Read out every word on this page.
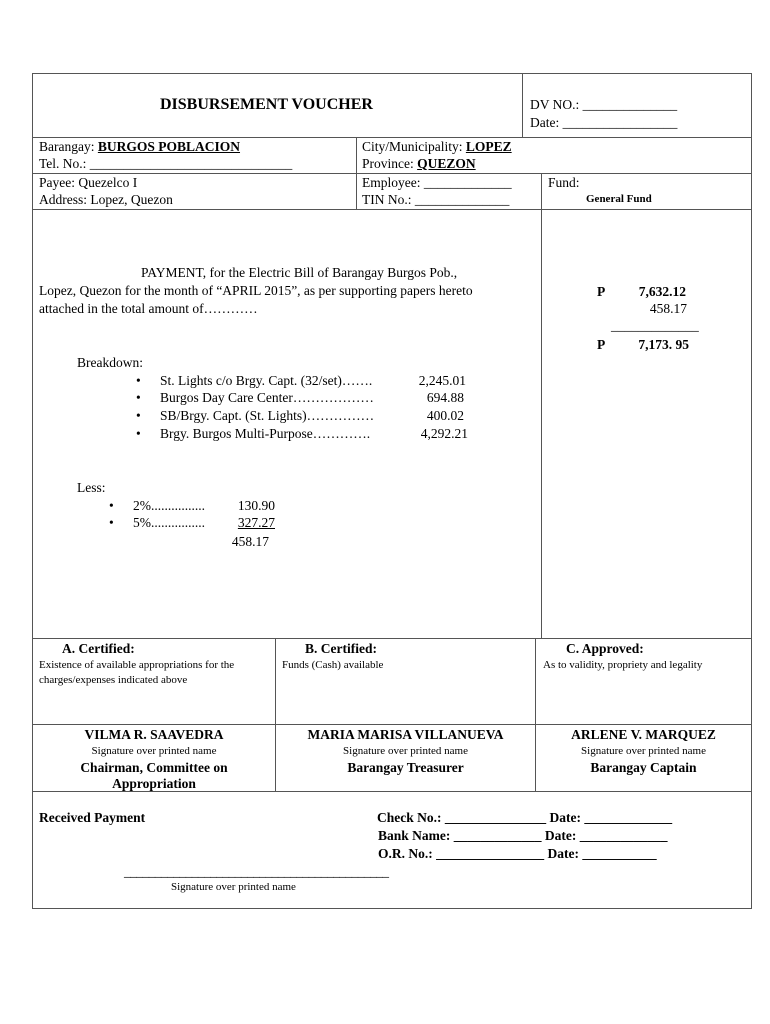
DISBURSEMENT VOUCHER	DV NO.: ______________
Date: _________________
Barangay: BURGOS POBLACION
Tel. No.: ______________________________
City/Municipality: LOPEZ
Province: QUEZON
Payee: Quezelco I
Address: Lopez, Quezon
Employee: _____________
TIN No.: ______________
Fund:
General Fund
PAYMENT, for the Electric Bill of Barangay Burgos Pob.,
Lopez, Quezon for the month of “APRIL 2015”, as per supporting papers hereto
attached in the total amount of…………
Breakdown:
• St. Lights c/o Brgy. Capt. (32/set)…….	2,245.01
• Burgos Day Care Center………………	694.88
• SB/Brgy. Capt. (St. Lights)……………	400.02
• Brgy. Burgos Multi-Purpose………….	4,292.21
Less:
• 2%................	130.90
• 5%................	327.27
458.17
P	7,632.12
458.17
_____________
P	7,173. 95
A. Certified:
Existence of available appropriations for the
charges/expenses indicated above
B. Certified:
Funds (Cash) available
C. Approved:
As to validity, propriety and legality
VILMA R. SAAVEDRA
Signature over printed name
Chairman, Committee on
Appropriation
MARIA MARISA VILLANUEVA
Signature over printed name
Barangay Treasurer
ARLENE V. MARQUEZ
Signature over printed name
Barangay Captain
Received Payment	Check No.: _______________ Date: _____________
Bank Name: _____________ Date: _____________
O.R. No.: ________________ Date: ___________
___________________________________________
Signature over printed name
